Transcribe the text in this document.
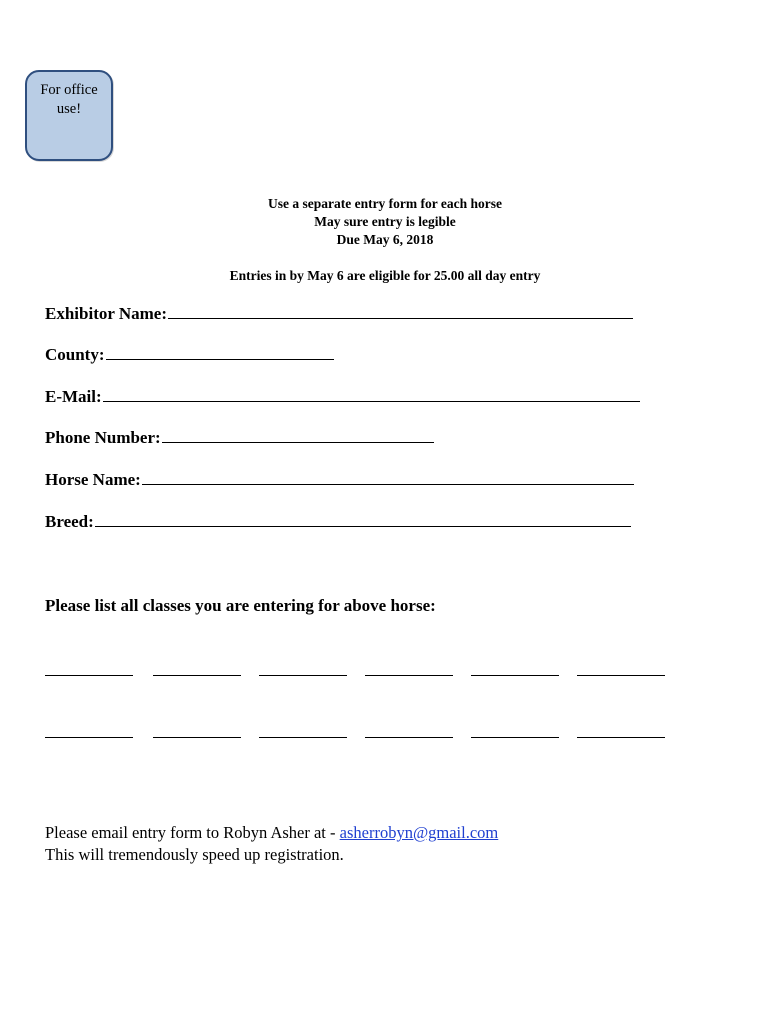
For office
use!
Use a separate entry form for each horse
May sure entry is legible
Due May 6, 2018
Entries in by May 6 are eligible for 25.00 all day entry
Exhibitor Name:
County:
E-Mail:
Phone Number:
Horse Name:
Breed:
Please list all classes you are entering for above horse:
Please email entry form to Robyn Asher at - asherrobyn@gmail.com
This will tremendously speed up registration.
